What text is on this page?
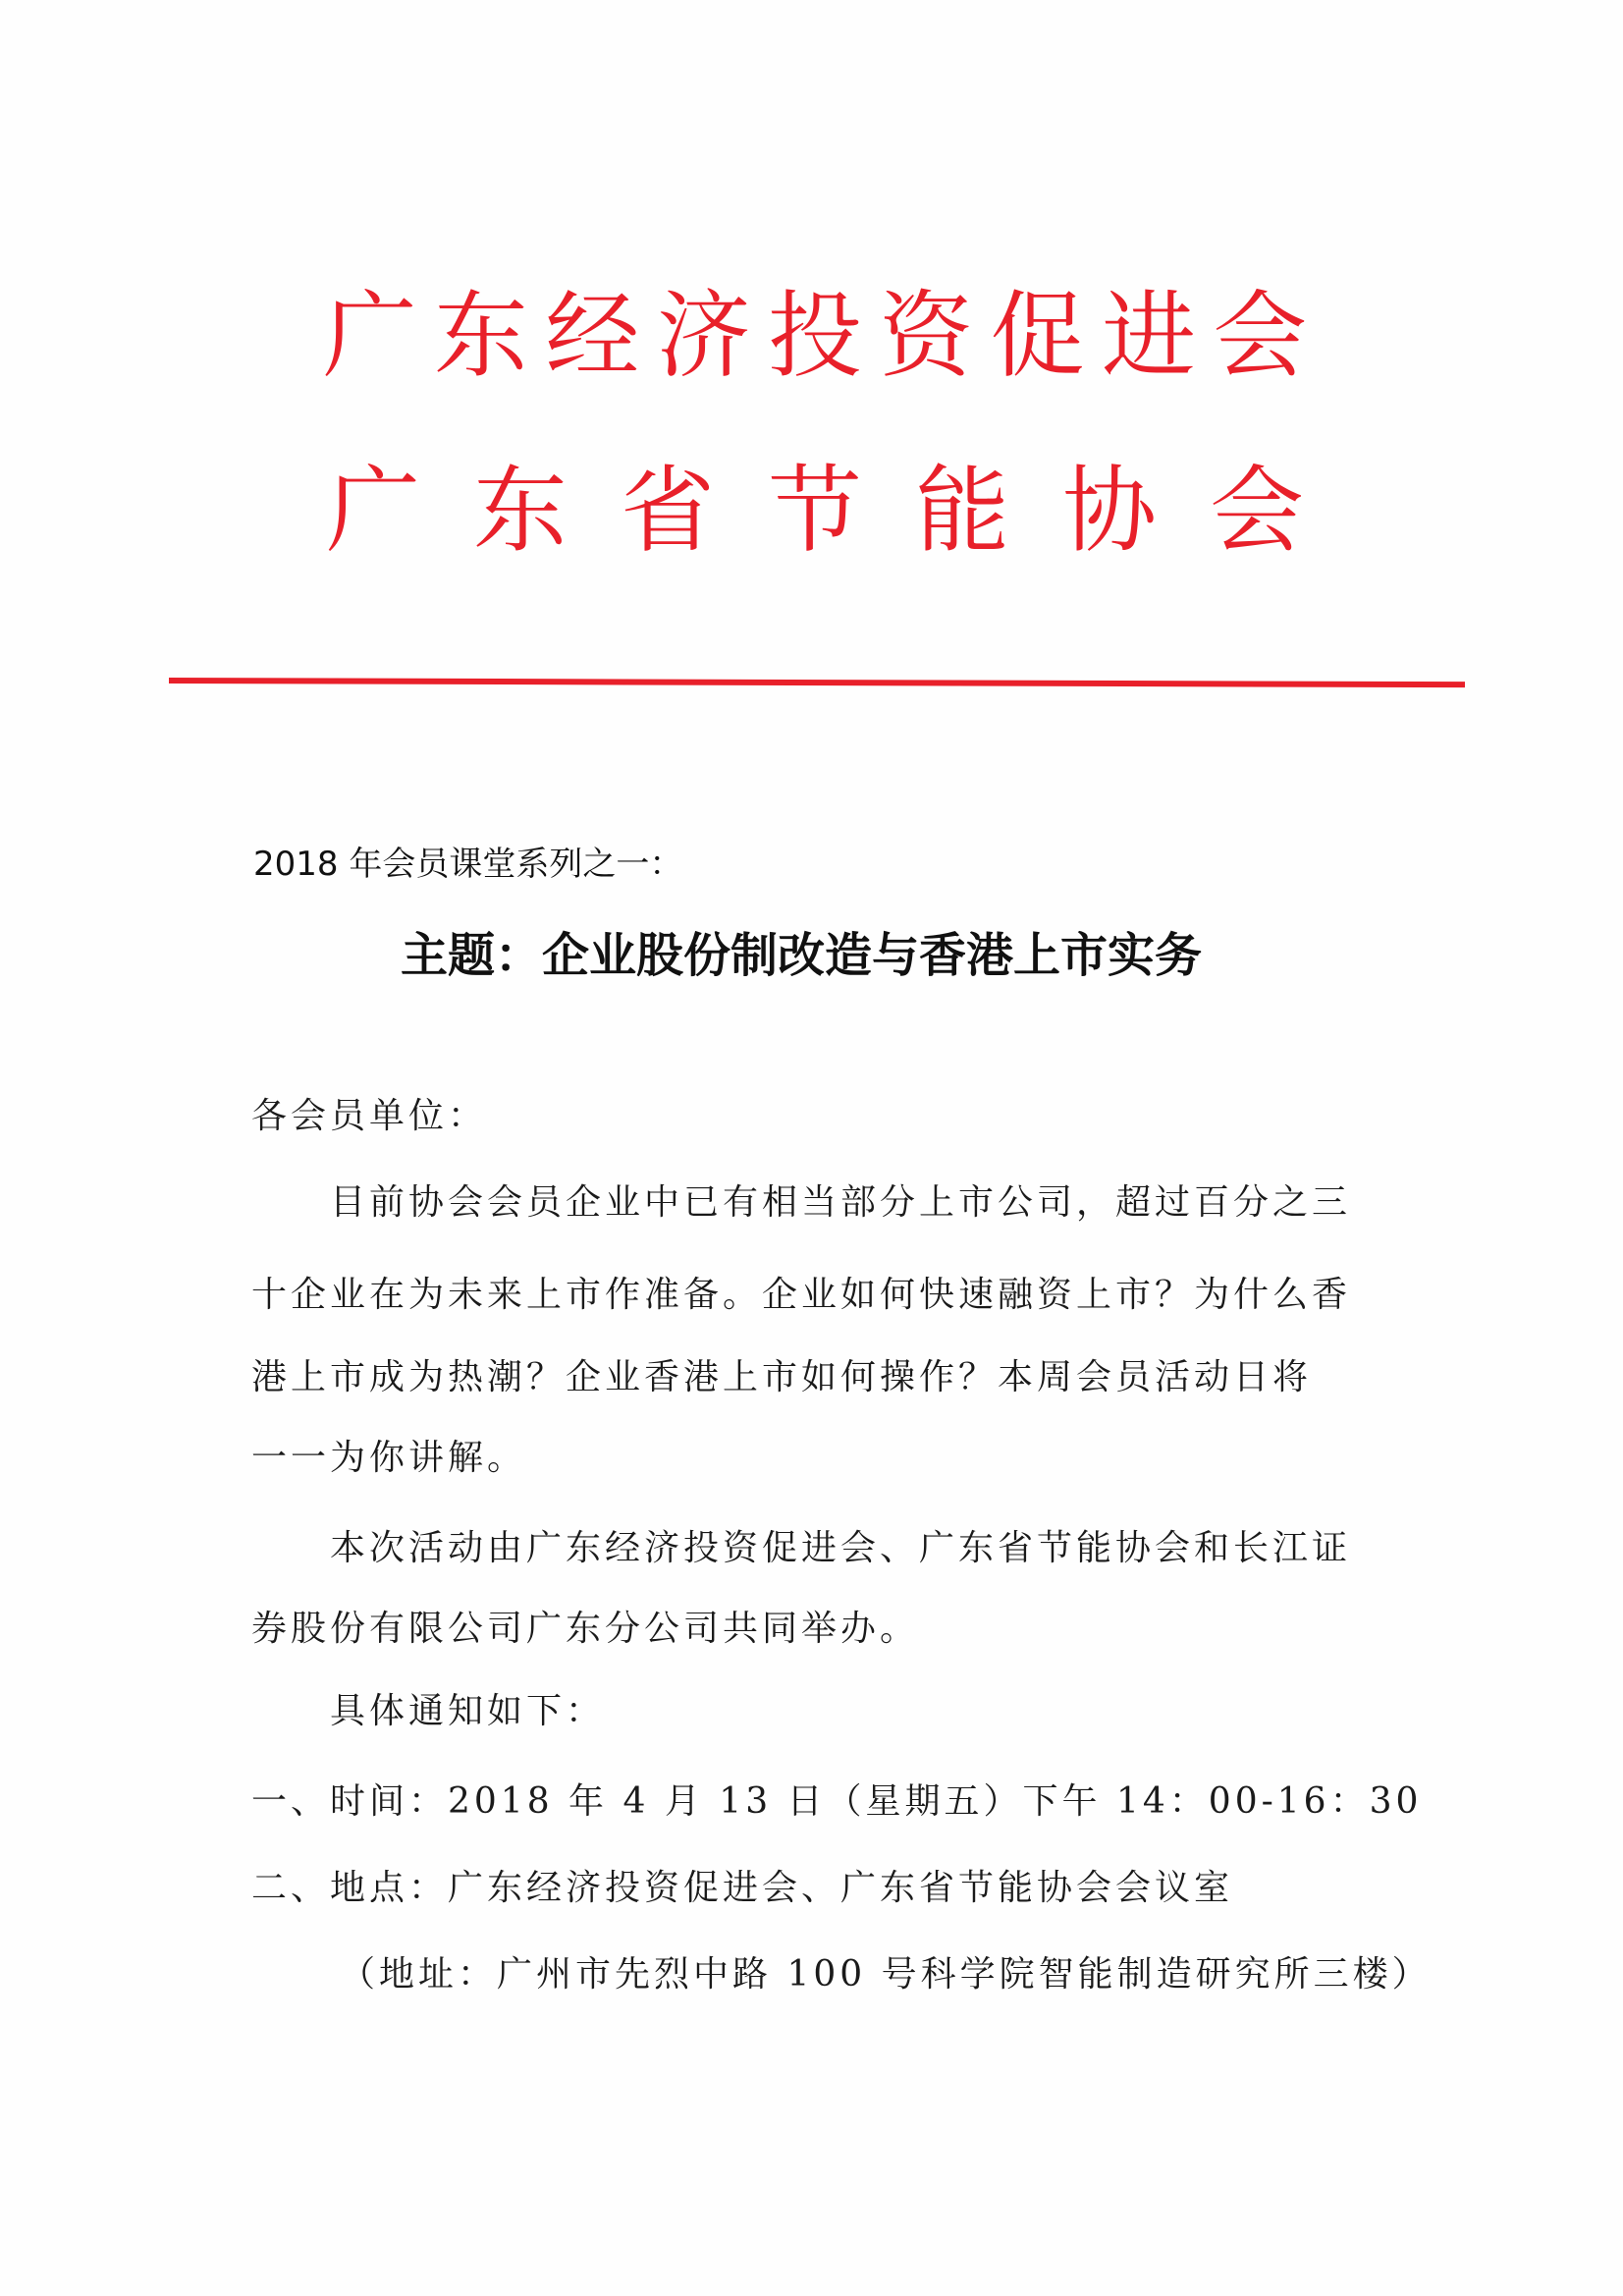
广 东 经 济 投 资 促 进 会
广 东 省 节 能 协 会
2018 年会员课堂系列之一：
主题：企业股份制改造与香港上市实务
各会员单位：
目前协会会员企业中已有相当部分上市公司，超过百分之三
十企业在为未来上市作准备。企业如何快速融资上市？为什么香
港上市成为热潮？企业香港上市如何操作？本周会员活动日将
一一为你讲解。
本次活动由广东经济投资促进会、广东省节能协会和长江证
券股份有限公司广东分公司共同举办。
具体通知如下：
一、时间：2018 年 4 月 13 日（星期五）下午 14：00-16：30
二、地点：广东经济投资促进会、广东省节能协会会议室
（地址：广州市先烈中路 100 号科学院智能制造研究所三楼）
